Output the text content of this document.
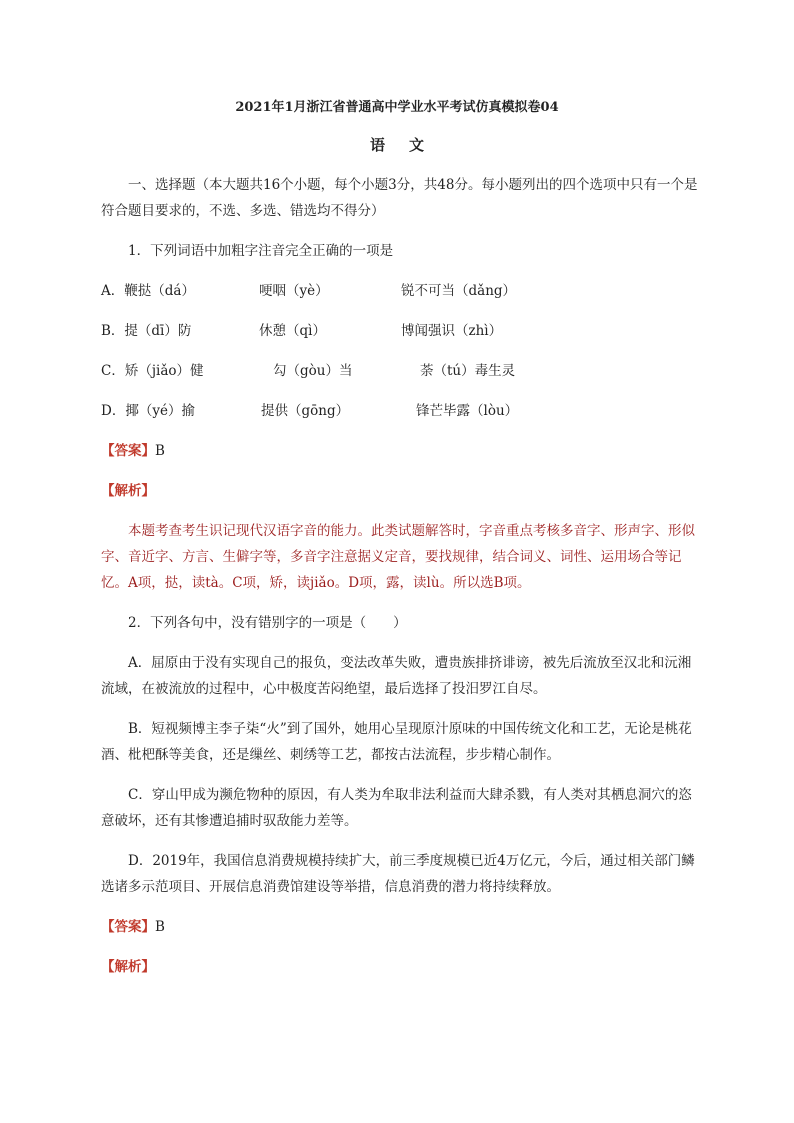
2021年1月浙江省普通高中学业水平考试仿真模拟卷04
语文

一、选择题（本大题共16个小题，每个小题3分，共48分。每小题列出的四个选项中只有一个是符合题目要求的，不选、多选、错选均不得分）

1．下列词语中加粗字注音完全正确的一项是

A．鞭挞（dá）	哽咽（yè）	锐不可当（dǎng）
B．提（dī）防	休憩（qì）	博闻强识（zhì）
C．矫（jiǎo）健	勾（gòu）当	荼（tú）毒生灵
D．揶（yé）揄	提供（gōng）	锋芒毕露（lòu）

【答案】B

【解析】

本题考查考生识记现代汉语字音的能力。此类试题解答时，字音重点考核多音字、形声字、形似字、音近字、方言、生僻字等，多音字注意据义定音，要找规律，结合词义、词性、运用场合等记忆。A项，挞，读tà。C项，矫，读jiǎo。D项，露，读lù。所以选B项。

2．下列各句中，没有错别字的一项是（　　）

A．屈原由于没有实现自己的报负，变法改革失败，遭贵族排挤诽谤，被先后流放至汉北和沅湘流域，在被流放的过程中，心中极度苦闷绝望，最后选择了投汨罗江自尽。

B．短视频博主李子柒“火”到了国外，她用心呈现原汁原味的中国传统文化和工艺，无论是桃花酒、枇杷酥等美食，还是缫丝、刺绣等工艺，都按古法流程，步步精心制作。

C．穿山甲成为濒危物种的原因，有人类为牟取非法利益而大肆杀戮，有人类对其栖息洞穴的恣意破坏，还有其惨遭追捕时驭敌能力差等。

D．2019年，我国信息消费规模持续扩大，前三季度规模已近4万亿元，今后，通过相关部门鳞选诸多示范项目、开展信息消费馆建设等举措，信息消费的潜力将持续释放。

【答案】B

【解析】
